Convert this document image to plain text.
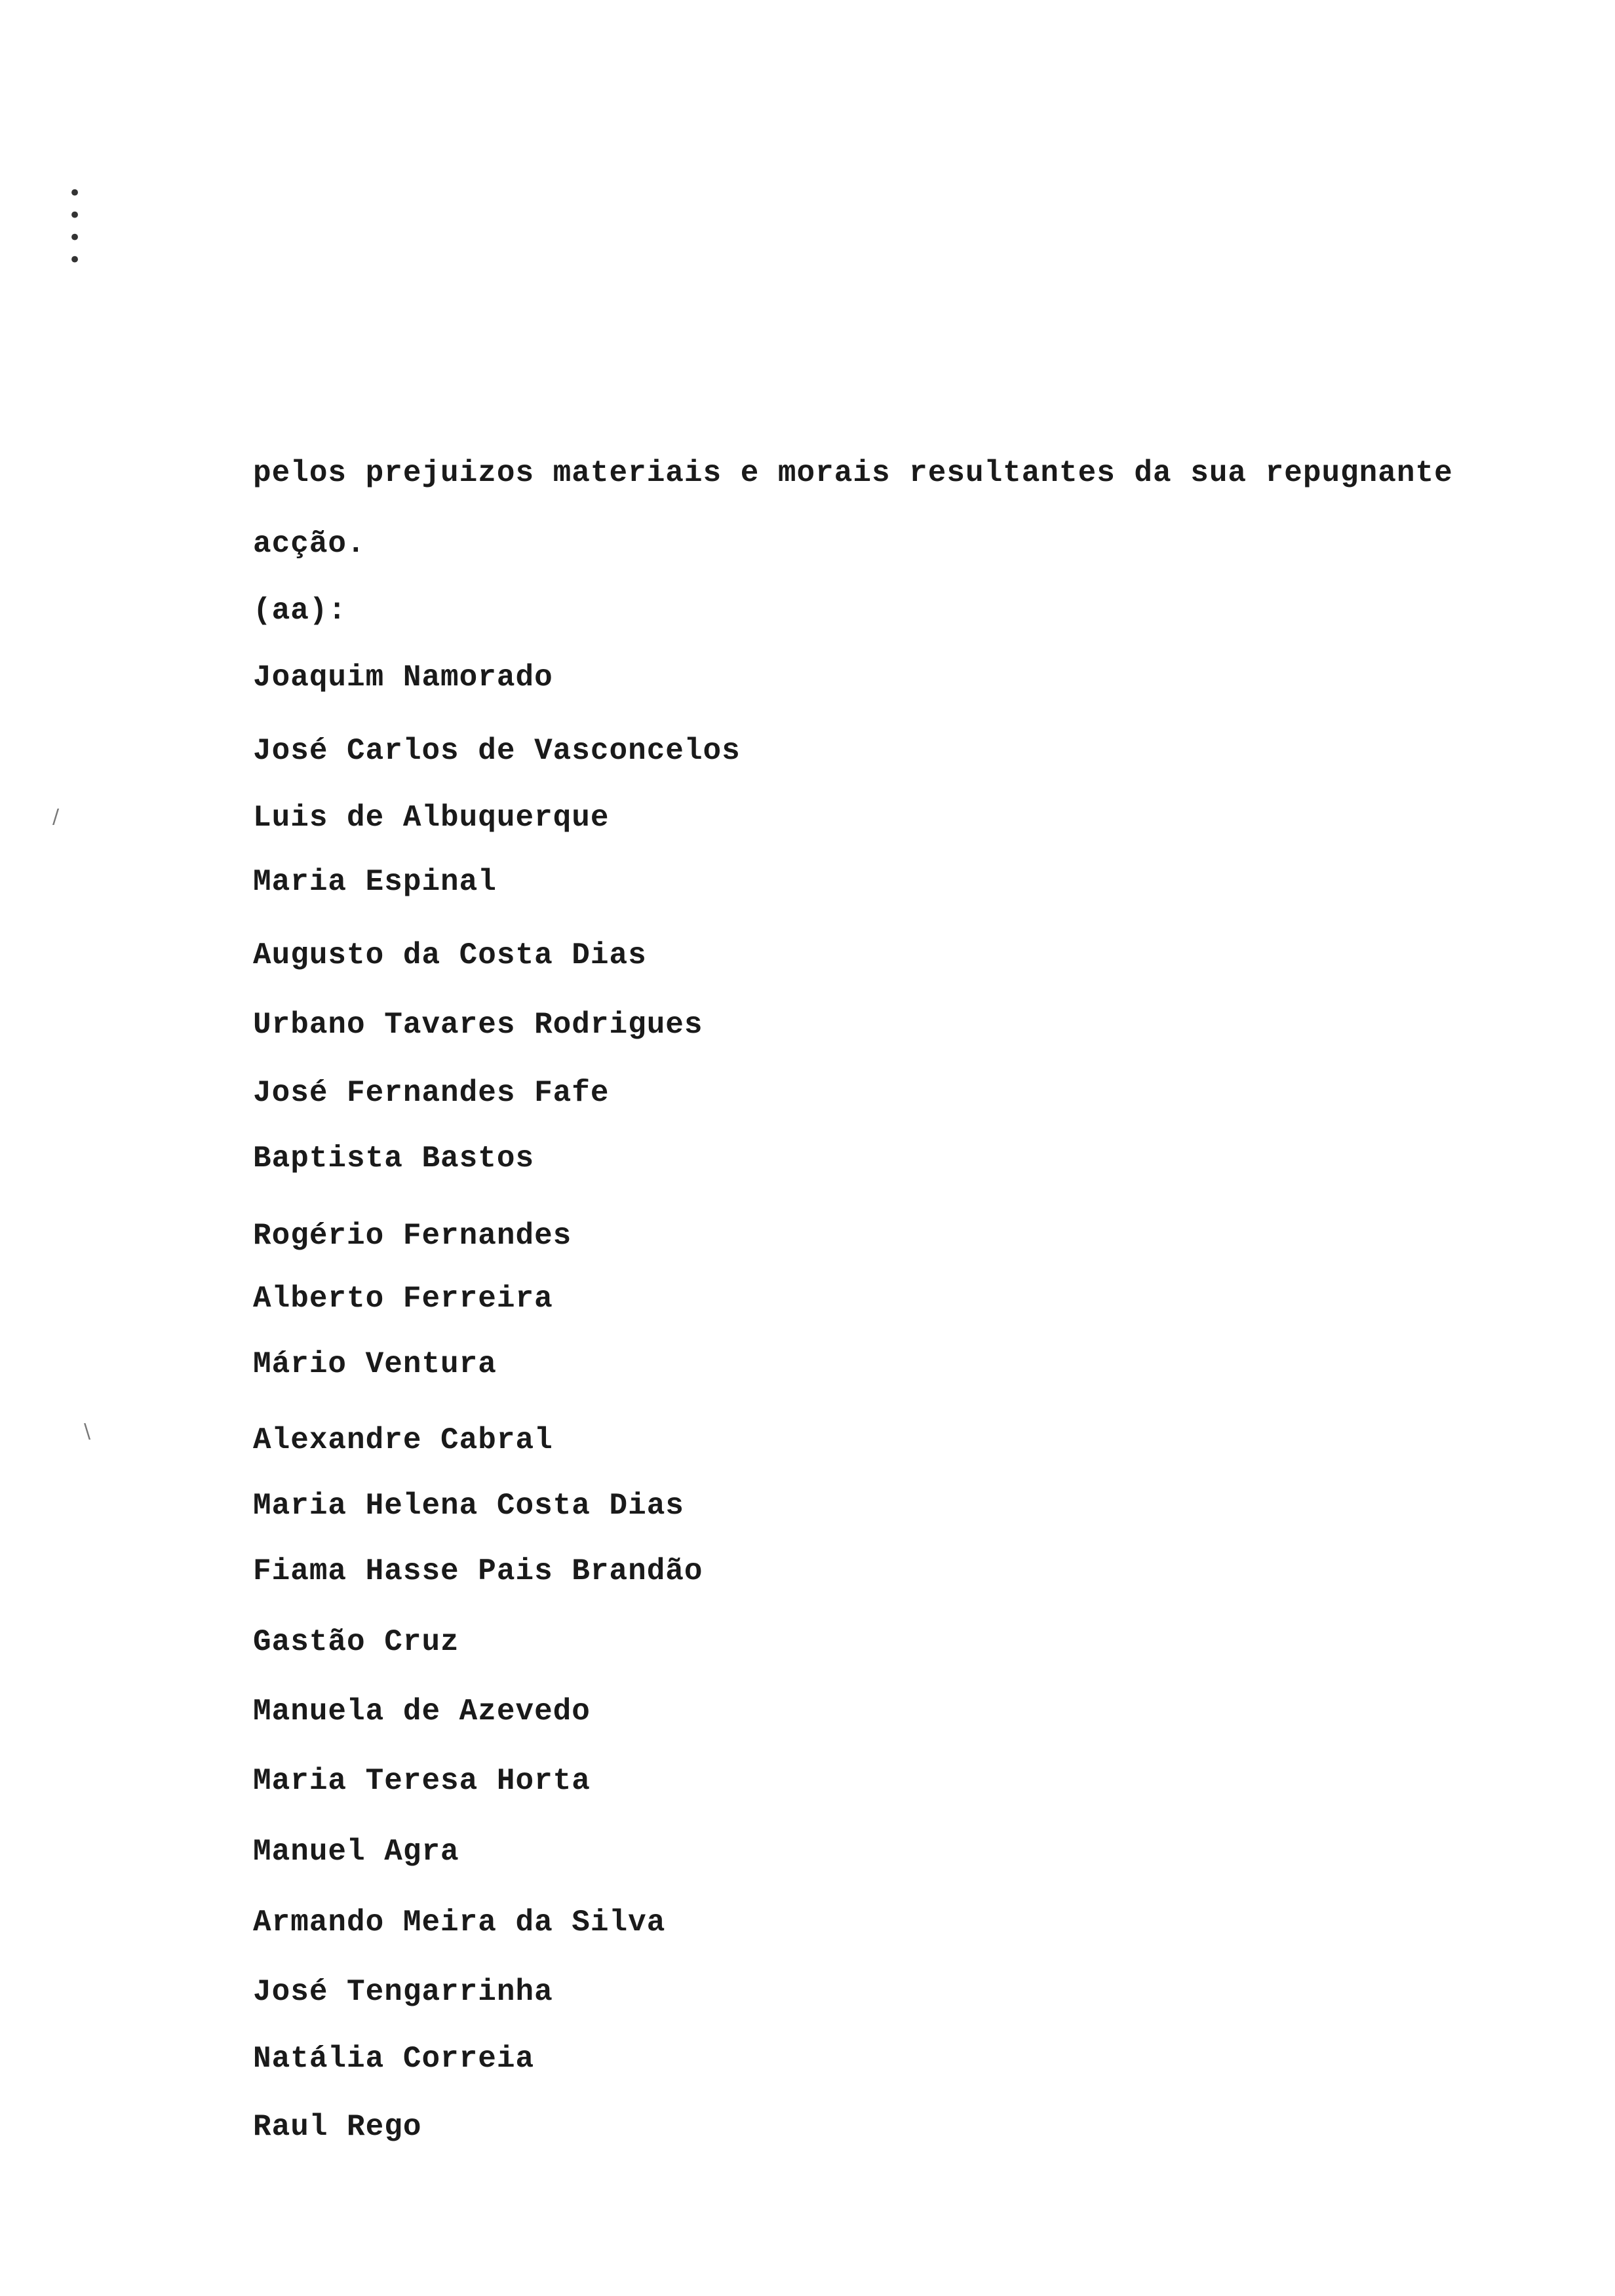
•
•
•
•
/
\
pelos prejuizos materiais e morais resultantes da sua repugnante
acção.
(aa):
Joaquim Namorado
José Carlos de Vasconcelos
Luis de Albuquerque
Maria Espinal
Augusto da Costa Dias
Urbano Tavares Rodrigues
José Fernandes Fafe
Baptista Bastos
Rogério Fernandes
Alberto Ferreira
Mário Ventura
Alexandre Cabral
Maria Helena Costa Dias
Fiama Hasse Pais Brandão
Gastão Cruz
Manuela de Azevedo
Maria Teresa Horta
Manuel Agra
Armando Meira da Silva
José Tengarrinha
Natália Correia
Raul Rego
